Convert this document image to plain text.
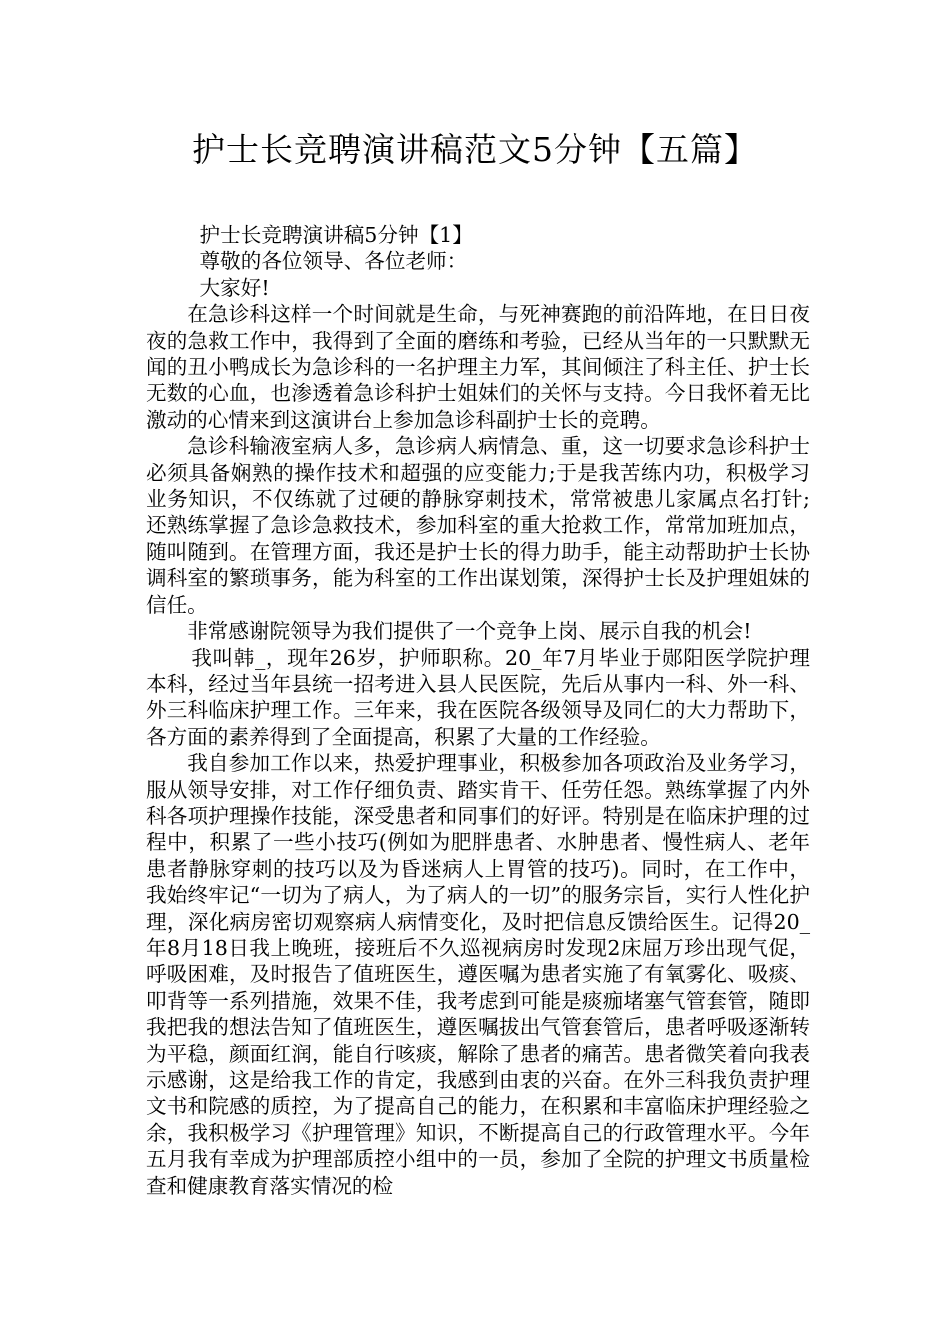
护士长竞聘演讲稿范文5分钟【五篇】

护士长竞聘演讲稿5分钟【1】

尊敬的各位领导、各位老师：

大家好!

在急诊科这样一个时间就是生命，与死神赛跑的前沿阵地，在日日夜夜的急救工作中，我得到了全面的磨练和考验，已经从当年的一只默默无闻的丑小鸭成长为急诊科的一名护理主力军，其间倾注了科主任、护士长无数的心血，也渗透着急诊科护士姐妹们的关怀与支持。今日我怀着无比激动的心情来到这演讲台上参加急诊科副护士长的竞聘。

急诊科输液室病人多，急诊病人病情急、重，这一切要求急诊科护士必须具备娴熟的操作技术和超强的应变能力;于是我苦练内功，积极学习业务知识，不仅练就了过硬的静脉穿刺技术，常常被患儿家属点名打针;还熟练掌握了急诊急救技术，参加科室的重大抢救工作，常常加班加点，随叫随到。在管理方面，我还是护士长的得力助手，能主动帮助护士长协调科室的繁琐事务，能为科室的工作出谋划策，深得护士长及护理姐妹的信任。

非常感谢院领导为我们提供了一个竞争上岗、展示自我的机会!

我叫韩_，现年26岁，护师职称。20_年7月毕业于郧阳医学院护理本科，经过当年县统一招考进入县人民医院，先后从事内一科、外一科、外三科临床护理工作。三年来，我在医院各级领导及同仁的大力帮助下，各方面的素养得到了全面提高，积累了大量的工作经验。

我自参加工作以来，热爱护理事业，积极参加各项政治及业务学习，服从领导安排，对工作仔细负责、踏实肯干、任劳任怨。熟练掌握了内外科各项护理操作技能，深受患者和同事们的好评。特别是在临床护理的过程中，积累了一些小技巧(例如为肥胖患者、水肿患者、慢性病人、老年患者静脉穿刺的技巧以及为昏迷病人上胃管的技巧)。同时，在工作中，我始终牢记“一切为了病人，为了病人的一切”的服务宗旨，实行人性化护理，深化病房密切观察病人病情变化，及时把信息反馈给医生。记得20_年8月18日我上晚班，接班后不久巡视病房时发现2床屈万珍出现气促，呼吸困难，及时报告了值班医生，遵医嘱为患者实施了有氧雾化、吸痰、叩背等一系列措施，效果不佳，我考虑到可能是痰痂堵塞气管套管，随即我把我的想法告知了值班医生，遵医嘱拔出气管套管后，患者呼吸逐渐转为平稳，颜面红润，能自行咳痰，解除了患者的痛苦。患者微笑着向我表示感谢，这是给我工作的肯定，我感到由衷的兴奋。在外三科我负责护理文书和院感的质控，为了提高自己的能力，在积累和丰富临床护理经验之余，我积极学习《护理管理》知识，不断提高自己的行政管理水平。今年五月我有幸成为护理部质控小组中的一员，参加了全院的护理文书质量检查和健康教育落实情况的检
